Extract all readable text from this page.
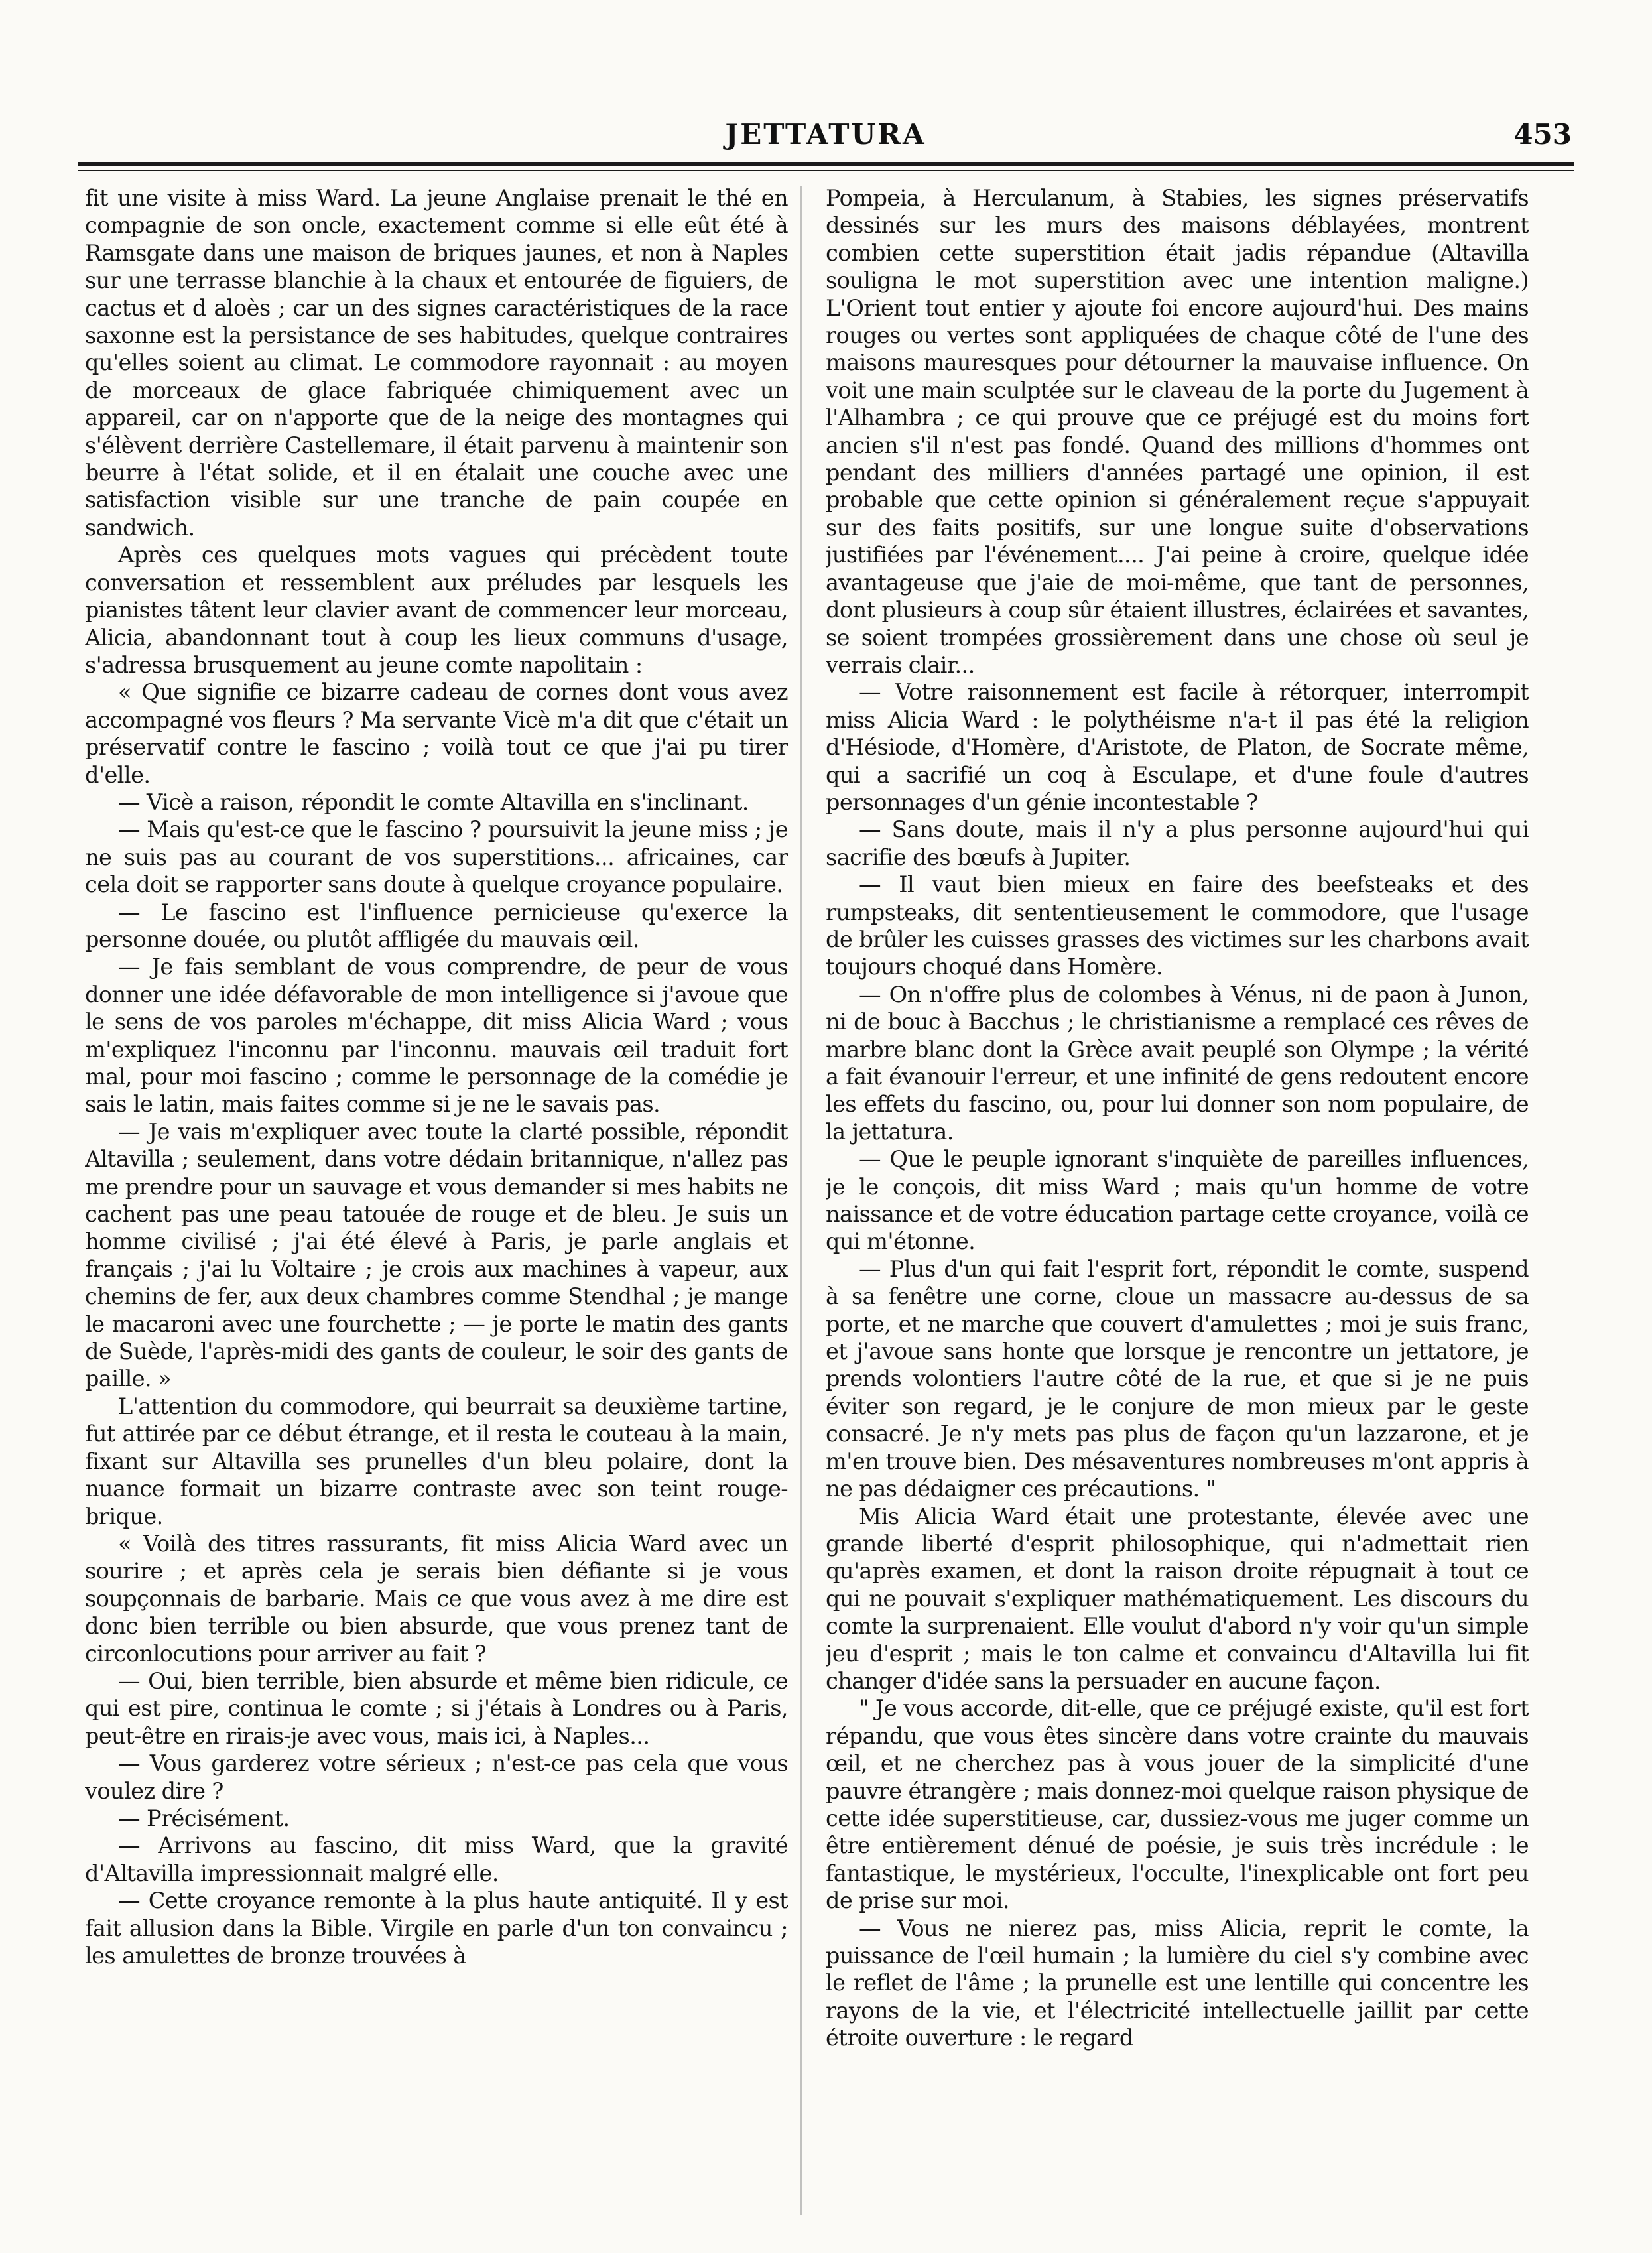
JETTATURA	453

fit une visite à miss Ward. La jeune Anglaise prenait le thé en compagnie de son oncle, exactement comme si elle eût été à Ramsgate dans une maison de briques jaunes, et non à Naples sur une terrasse blanchie à la chaux et entourée de figuiers, de cactus et d aloès ; car un des signes caractéristiques de la race saxonne est la persistance de ses habitudes, quelque contraires qu'elles soient au climat. Le commodore rayonnait : au moyen de morceaux de glace fabriquée chimiquement avec un appareil, car on n'apporte que de la neige des montagnes qui s'élèvent derrière Castellemare, il était parvenu à maintenir son beurre à l'état solide, et il en étalait une couche avec une satisfaction visible sur une tranche de pain coupée en sandwich.

Après ces quelques mots vagues qui précèdent toute conversation et ressemblent aux préludes par lesquels les pianistes tâtent leur clavier avant de commencer leur morceau, Alicia, abandonnant tout à coup les lieux communs d'usage, s'adressa brusquement au jeune comte napolitain :

« Que signifie ce bizarre cadeau de cornes dont vous avez accompagné vos fleurs ? Ma servante Vicè m'a dit que c'était un préservatif contre le fascino ; voilà tout ce que j'ai pu tirer d'elle.

— Vicè a raison, répondit le comte Altavilla en s'inclinant.

— Mais qu'est-ce que le fascino ? poursuivit la jeune miss ; je ne suis pas au courant de vos superstitions... africaines, car cela doit se rapporter sans doute à quelque croyance populaire.

— Le fascino est l'influence pernicieuse qu'exerce la personne douée, ou plutôt affligée du mauvais œil.

— Je fais semblant de vous comprendre, de peur de vous donner une idée défavorable de mon intelligence si j'avoue que le sens de vos paroles m'échappe, dit miss Alicia Ward ; vous m'expliquez l'inconnu par l'inconnu. mauvais œil traduit fort mal, pour moi fascino ; comme le personnage de la comédie je sais le latin, mais faites comme si je ne le savais pas.

— Je vais m'expliquer avec toute la clarté possible, répondit Altavilla ; seulement, dans votre dédain britannique, n'allez pas me prendre pour un sauvage et vous demander si mes habits ne cachent pas une peau tatouée de rouge et de bleu. Je suis un homme civilisé ; j'ai été élevé à Paris, je parle anglais et français ; j'ai lu Voltaire ; je crois aux machines à vapeur, aux chemins de fer, aux deux chambres comme Stendhal ; je mange le macaroni avec une fourchette ; — je porte le matin des gants de Suède, l'après-midi des gants de couleur, le soir des gants de paille. »

L'attention du commodore, qui beurrait sa deuxième tartine, fut attirée par ce début étrange, et il resta le couteau à la main, fixant sur Altavilla ses prunelles d'un bleu polaire, dont la nuance formait un bizarre contraste avec son teint rouge-brique.

« Voilà des titres rassurants, fit miss Alicia Ward avec un sourire ; et après cela je serais bien défiante si je vous soupçonnais de barbarie. Mais ce que vous avez à me dire est donc bien terrible ou bien absurde, que vous prenez tant de circonlocutions pour arriver au fait ?

— Oui, bien terrible, bien absurde et même bien ridicule, ce qui est pire, continua le comte ; si j'étais à Londres ou à Paris, peut-être en rirais-je avec vous, mais ici, à Naples...

— Vous garderez votre sérieux ; n'est-ce pas cela que vous voulez dire ?

— Précisément.

— Arrivons au fascino, dit miss Ward, que la gravité d'Altavilla impressionnait malgré elle.

— Cette croyance remonte à la plus haute antiquité. Il y est fait allusion dans la Bible. Virgile en parle d'un ton convaincu ; les amulettes de bronze trouvées à

Pompeia, à Herculanum, à Stabies, les signes préservatifs dessinés sur les murs des maisons déblayées, montrent combien cette superstition était jadis répandue (Altavilla souligna le mot superstition avec une intention maligne.) L'Orient tout entier y ajoute foi encore aujourd'hui. Des mains rouges ou vertes sont appliquées de chaque côté de l'une des maisons mauresques pour détourner la mauvaise influence. On voit une main sculptée sur le claveau de la porte du Jugement à l'Alhambra ; ce qui prouve que ce préjugé est du moins fort ancien s'il n'est pas fondé. Quand des millions d'hommes ont pendant des milliers d'années partagé une opinion, il est probable que cette opinion si généralement reçue s'appuyait sur des faits positifs, sur une longue suite d'observations justifiées par l'événement.... J'ai peine à croire, quelque idée avantageuse que j'aie de moi-même, que tant de personnes, dont plusieurs à coup sûr étaient illustres, éclairées et savantes, se soient trompées grossièrement dans une chose où seul je verrais clair...

— Votre raisonnement est facile à rétorquer, interrompit miss Alicia Ward : le polythéisme n'a-t il pas été la religion d'Hésiode, d'Homère, d'Aristote, de Platon, de Socrate même, qui a sacrifié un coq à Esculape, et d'une foule d'autres personnages d'un génie incontestable ?

— Sans doute, mais il n'y a plus personne aujourd'hui qui sacrifie des bœufs à Jupiter.

— Il vaut bien mieux en faire des beefsteaks et des rumpsteaks, dit sententieusement le commodore, que l'usage de brûler les cuisses grasses des victimes sur les charbons avait toujours choqué dans Homère.

— On n'offre plus de colombes à Vénus, ni de paon à Junon, ni de bouc à Bacchus ; le christianisme a remplacé ces rêves de marbre blanc dont la Grèce avait peuplé son Olympe ; la vérité a fait évanouir l'erreur, et une infinité de gens redoutent encore les effets du fascino, ou, pour lui donner son nom populaire, de la jettatura.

— Que le peuple ignorant s'inquiète de pareilles influences, je le conçois, dit miss Ward ; mais qu'un homme de votre naissance et de votre éducation partage cette croyance, voilà ce qui m'étonne.

— Plus d'un qui fait l'esprit fort, répondit le comte, suspend à sa fenêtre une corne, cloue un massacre au-dessus de sa porte, et ne marche que couvert d'amulettes ; moi je suis franc, et j'avoue sans honte que lorsque je rencontre un jettatore, je prends volontiers l'autre côté de la rue, et que si je ne puis éviter son regard, je le conjure de mon mieux par le geste consacré. Je n'y mets pas plus de façon qu'un lazzarone, et je m'en trouve bien. Des mésaventures nombreuses m'ont appris à ne pas dédaigner ces précautions. "

Mis Alicia Ward était une protestante, élevée avec une grande liberté d'esprit philosophique, qui n'admettait rien qu'après examen, et dont la raison droite répugnait à tout ce qui ne pouvait s'expliquer mathématiquement. Les discours du comte la surprenaient. Elle voulut d'abord n'y voir qu'un simple jeu d'esprit ; mais le ton calme et convaincu d'Altavilla lui fit changer d'idée sans la persuader en aucune façon.

" Je vous accorde, dit-elle, que ce préjugé existe, qu'il est fort répandu, que vous êtes sincère dans votre crainte du mauvais œil, et ne cherchez pas à vous jouer de la simplicité d'une pauvre étrangère ; mais donnez-moi quelque raison physique de cette idée superstitieuse, car, dussiez-vous me juger comme un être entièrement dénué de poésie, je suis très incrédule : le fantastique, le mystérieux, l'occulte, l'inexplicable ont fort peu de prise sur moi.

— Vous ne nierez pas, miss Alicia, reprit le comte, la puissance de l'œil humain ; la lumière du ciel s'y combine avec le reflet de l'âme ; la prunelle est une lentille qui concentre les rayons de la vie, et l'électricité intellectuelle jaillit par cette étroite ouverture : le regard
